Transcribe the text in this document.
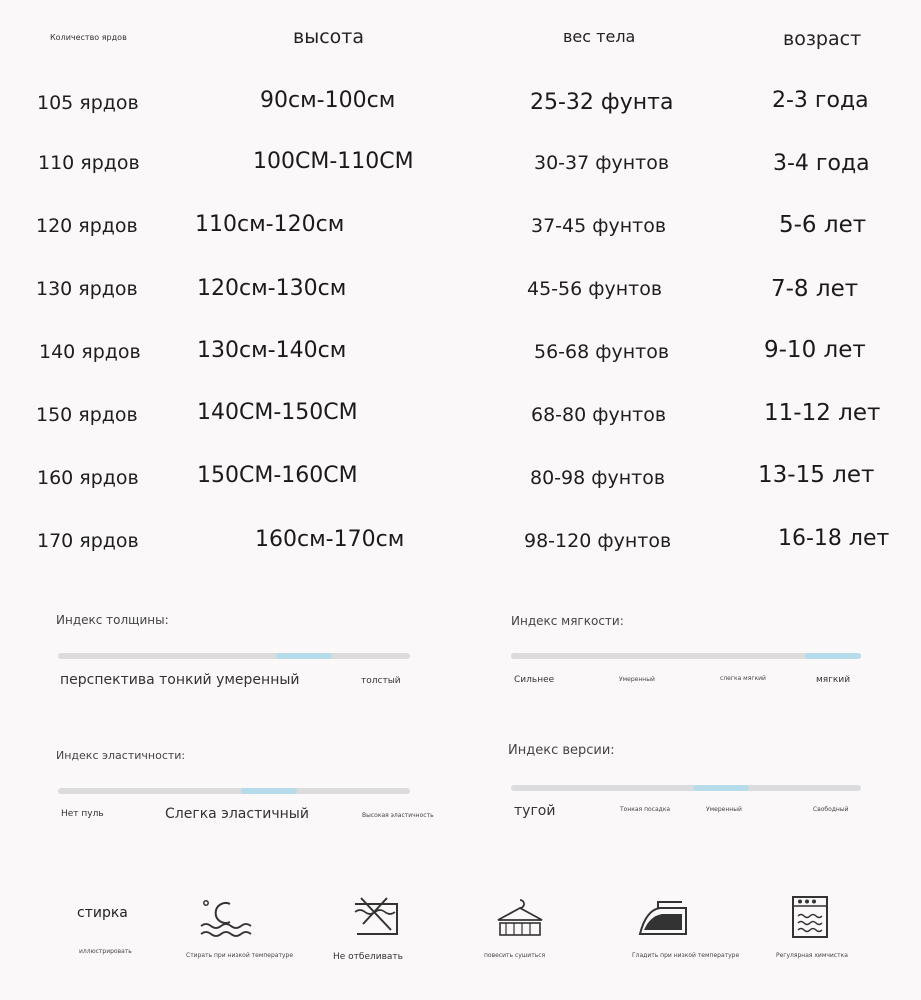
Количество ярдов	высота	вес тела	возраст
105 ярдов	90см-100см	25-32 фунта	2-3 года
110 ярдов	100СМ-110СМ	30-37 фунтов	3-4 года
120 ярдов	110см-120см	37-45 фунтов	5-6 лет
130 ярдов	120см-130см	45-56 фунтов	7-8 лет
140 ярдов	130см-140см	56-68 фунтов	9-10 лет
150 ярдов	140СМ-150СМ	68-80 фунтов	11-12 лет
160 ярдов	150СМ-160СМ	80-98 фунтов	13-15 лет
170 ярдов	160см-170см	98-120 фунтов	16-18 лет
Индекс толщины:
перспектива тонкий умеренный	толстый
Индекс мягкости:
Сильнее	Умеренный	слегка мягкий	мягкий
Индекс эластичности:
Нет пуль	Слегка эластичный	Высокая эластичность
Индекс версии:
тугой	Тонкая посадка	Умеренный	Свободный
стирка
иллюстрировать
Стирать при низкой температуре	Не отбеливать	повесить сушиться	Гладить при низкой температуре	Регулярная химчистка
